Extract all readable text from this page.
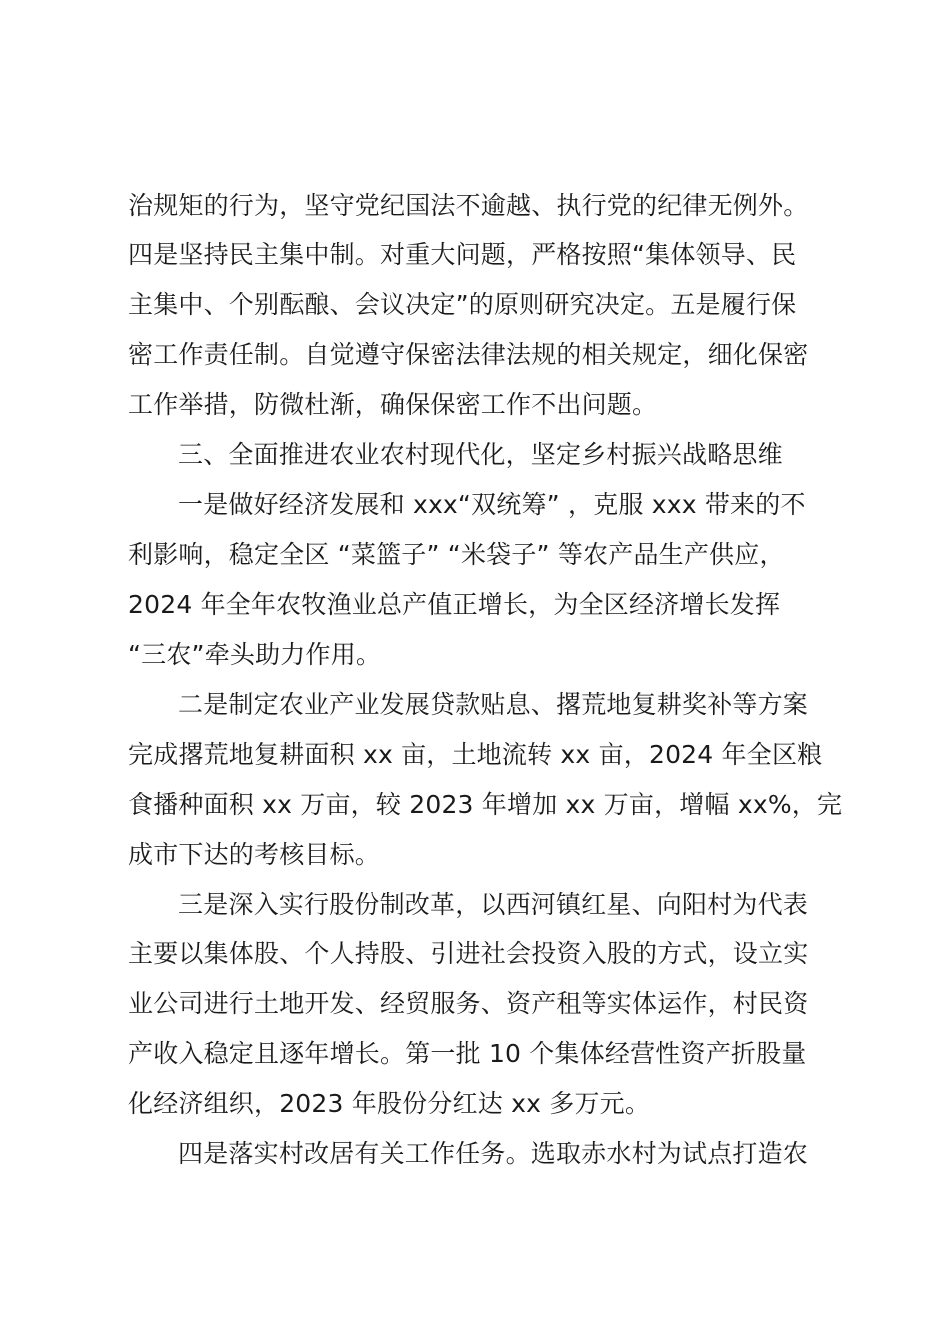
治规矩的行为，坚守党纪国法不逾越、执行党的纪律无例外。
四是坚持民主集中制。对重大问题，严格按照“集体领导、民
主集中、个别酝酿、会议决定”的原则研究决定。五是履行保
密工作责任制。自觉遵守保密法律法规的相关规定，细化保密
工作举措，防微杜渐，确保保密工作不出问题。
三、全面推进农业农村现代化，坚定乡村振兴战略思维
一是做好经济发展和 xxx“双统筹” ，克服 xxx 带来的不
利影响，稳定全区 “菜篮子” “米袋子” 等农产品生产供应，
2024 年全年农牧渔业总产值正增长，为全区经济增长发挥
“三农”牵头助力作用。
二是制定农业产业发展贷款贴息、撂荒地复耕奖补等方案
完成撂荒地复耕面积 xx 亩，土地流转 xx 亩，2024 年全区粮
食播种面积 xx 万亩，较 2023 年增加 xx 万亩，增幅 xx%，完
成市下达的考核目标。
三是深入实行股份制改革，以西河镇红星、向阳村为代表
主要以集体股、个人持股、引进社会投资入股的方式，设立实
业公司进行土地开发、经贸服务、资产租等实体运作，村民资
产收入稳定且逐年增长。第一批 10 个集体经营性资产折股量
化经济组织，2023 年股份分红达 xx 多万元。
四是落实村改居有关工作任务。选取赤水村为试点打造农
